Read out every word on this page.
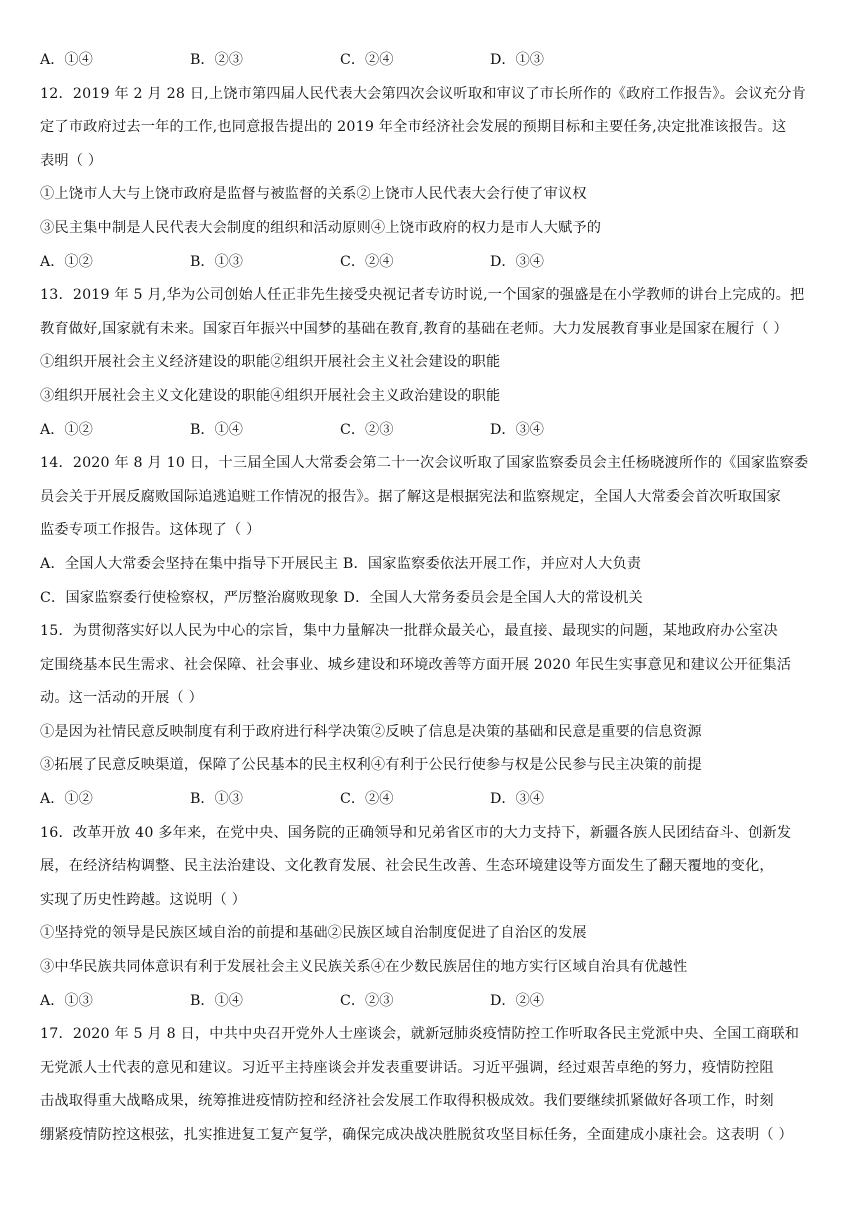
A．①④	B．②③	C．②④	D．①③
12．2019 年 2 月 28 日,上饶市第四届人民代表大会第四次会议听取和审议了市长所作的《政府工作报告》。会议充分肯
定了市政府过去一年的工作,也同意报告提出的 2019 年全市经济社会发展的预期目标和主要任务,决定批准该报告。这
表明（ ）
①上饶市人大与上饶市政府是监督与被监督的关系②上饶市人民代表大会行使了审议权
③民主集中制是人民代表大会制度的组织和活动原则④上饶市政府的权力是市人大赋予的
A．①②	B．①③	C．②④	D．③④
13．2019 年 5 月,华为公司创始人任正非先生接受央视记者专访时说,一个国家的强盛是在小学教师的讲台上完成的。把
教育做好,国家就有未来。国家百年振兴中国梦的基础在教育,教育的基础在老师。大力发展教育事业是国家在履行（ ）
①组织开展社会主义经济建设的职能②组织开展社会主义社会建设的职能
③组织开展社会主义文化建设的职能④组织开展社会主义政治建设的职能
A．①②	B．①④	C．②③	D．③④
14．2020 年 8 月 10 日，十三届全国人大常委会第二十一次会议听取了国家监察委员会主任杨晓渡所作的《国家监察委
员会关于开展反腐败国际追逃追赃工作情况的报告》。据了解这是根据宪法和监察规定，全国人大常委会首次听取国家
监委专项工作报告。这体现了（ ）
A．全国人大常委会坚持在集中指导下开展民主 B．国家监察委依法开展工作，并应对人大负责
C．国家监察委行使检察权，严厉整治腐败现象 D．全国人大常务委员会是全国人大的常设机关
15．为贯彻落实好以人民为中心的宗旨，集中力量解决一批群众最关心，最直接、最现实的问题，某地政府办公室决
定围绕基本民生需求、社会保障、社会事业、城乡建设和环境改善等方面开展 2020 年民生实事意见和建议公开征集活
动。这一活动的开展（ ）
①是因为社情民意反映制度有利于政府进行科学决策②反映了信息是决策的基础和民意是重要的信息资源
③拓展了民意反映渠道，保障了公民基本的民主权利④有利于公民行使参与权是公民参与民主决策的前提
A．①②	B．①③	C．②④	D．③④
16．改革开放 40 多年来，在党中央、国务院的正确领导和兄弟省区市的大力支持下，新疆各族人民团结奋斗、创新发
展，在经济结构调整、民主法治建设、文化教育发展、社会民生改善、生态环境建设等方面发生了翻天覆地的变化，
实现了历史性跨越。这说明（ ）
①坚持党的领导是民族区域自治的前提和基础②民族区域自治制度促进了自治区的发展
③中华民族共同体意识有利于发展社会主义民族关系④在少数民族居住的地方实行区域自治具有优越性
A．①③	B．①④	C．②③	D．②④
17．2020 年 5 月 8 日，中共中央召开党外人士座谈会，就新冠肺炎疫情防控工作听取各民主党派中央、全国工商联和
无党派人士代表的意见和建议。习近平主持座谈会并发表重要讲话。习近平强调，经过艰苦卓绝的努力，疫情防控阻
击战取得重大战略成果，统筹推进疫情防控和经济社会发展工作取得积极成效。我们要继续抓紧做好各项工作，时刻
绷紧疫情防控这根弦，扎实推进复工复产复学，确保完成决战决胜脱贫攻坚目标任务，全面建成小康社会。这表明（ ）
